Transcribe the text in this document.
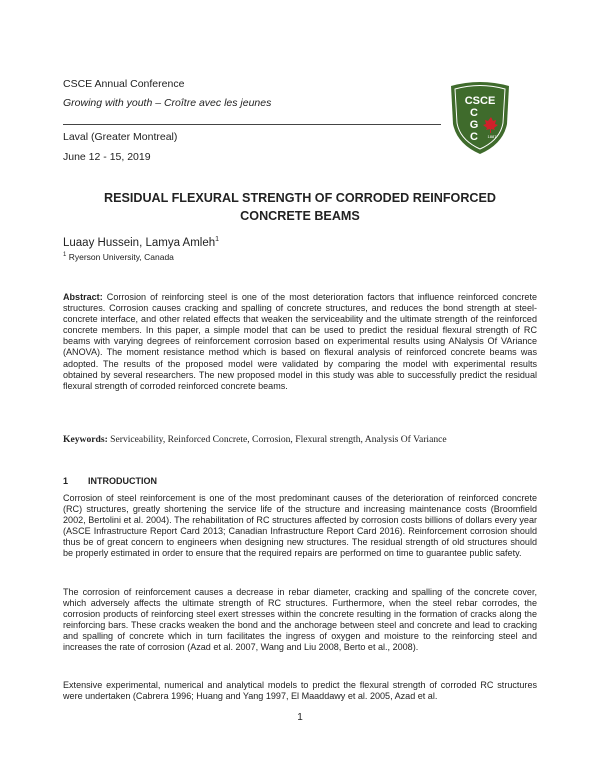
CSCE Annual Conference
Growing with youth – Croître avec les jeunes
Laval (Greater Montreal)
June 12 - 15, 2019
CSCE
C
G
C 1887
RESIDUAL FLEXURAL STRENGTH OF CORRODED REINFORCED
CONCRETE BEAMS
Luaay Hussein, Lamya Amleh$^1$
$^1$ Ryerson University, Canada

Abstract: Corrosion of reinforcing steel is one of the most deterioration factors that influence reinforced concrete structures. Corrosion causes cracking and spalling of concrete structures, and reduces the bond strength at steel-concrete interface, and other related effects that weaken the serviceability and the ultimate strength of the reinforced concrete members. In this paper, a simple model that can be used to predict the residual flexural strength of RC beams with varying degrees of reinforcement corrosion based on experimental results using ANalysis Of VAriance (ANOVA). The moment resistance method which is based on flexural analysis of reinforced concrete beams was adopted. The results of the proposed model were validated by comparing the model with experimental results obtained by several researchers. The new proposed model in this study was able to successfully predict the residual flexural strength of corroded reinforced concrete beams.

Keywords: Serviceability, Reinforced Concrete, Corrosion, Flexural strength, Analysis Of Variance

1 INTRODUCTION

Corrosion of steel reinforcement is one of the most predominant causes of the deterioration of reinforced concrete (RC) structures, greatly shortening the service life of the structure and increasing maintenance costs (Broomfield 2002, Bertolini et al. 2004). The rehabilitation of RC structures affected by corrosion costs billions of dollars every year (ASCE Infrastructure Report Card 2013; Canadian Infrastructure Report Card 2016). Reinforcement corrosion should thus be of great concern to engineers when designing new structures. The residual strength of old structures should be properly estimated in order to ensure that the required repairs are performed on time to guarantee public safety.

The corrosion of reinforcement causes a decrease in rebar diameter, cracking and spalling of the concrete cover, which adversely affects the ultimate strength of RC structures. Furthermore, when the steel rebar corrodes, the corrosion products of reinforcing steel exert stresses within the concrete resulting in the formation of cracks along the reinforcing bars. These cracks weaken the bond and the anchorage between steel and concrete and lead to cracking and spalling of concrete which in turn facilitates the ingress of oxygen and moisture to the reinforcing steel and increases the rate of corrosion (Azad et al. 2007, Wang and Liu 2008, Berto et al., 2008).

Extensive experimental, numerical and analytical models to predict the flexural strength of corroded RC structures were undertaken (Cabrera 1996; Huang and Yang 1997, El Maaddawy et al. 2005, Azad et al.

1
